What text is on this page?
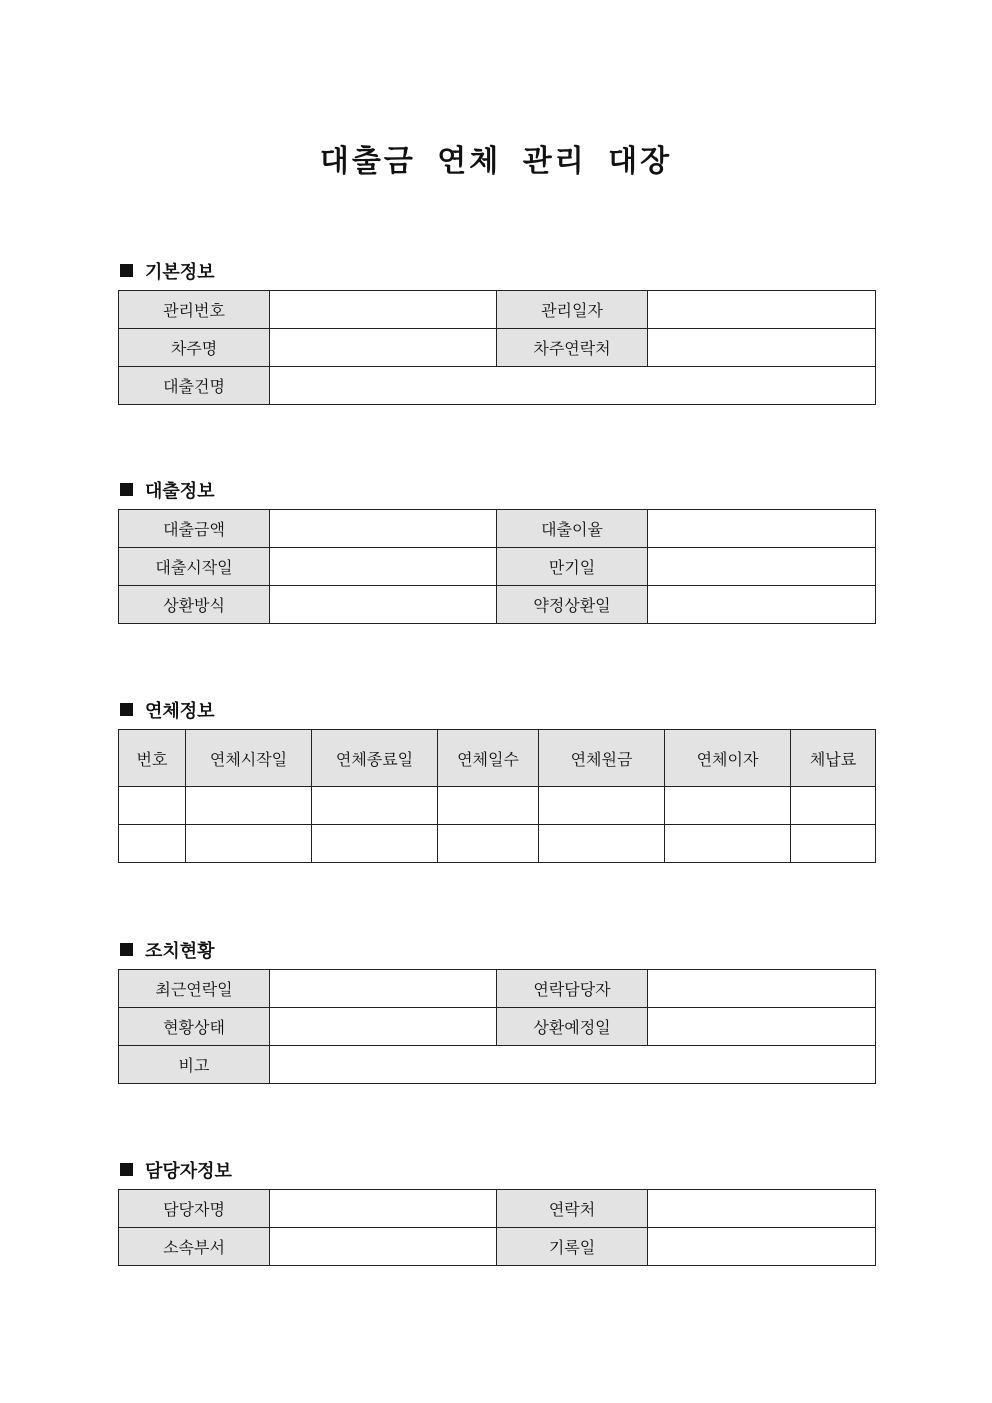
대출금 연체 관리 대장
기본정보
관리번호		관리일자	
차주명		차주연락처	
대출건명			
대출정보
대출금액		대출이율	
대출시작일		만기일	
상환방식		약정상환일	
연체정보
번호	연체시작일	연체종료일	연체일수	연체원금	연체이자	체납료

조치현황
최근연락일		연락담당자	
현황상태		상환예정일	
비고			
담당자정보
담당자명		연락처	
소속부서		기록일	
